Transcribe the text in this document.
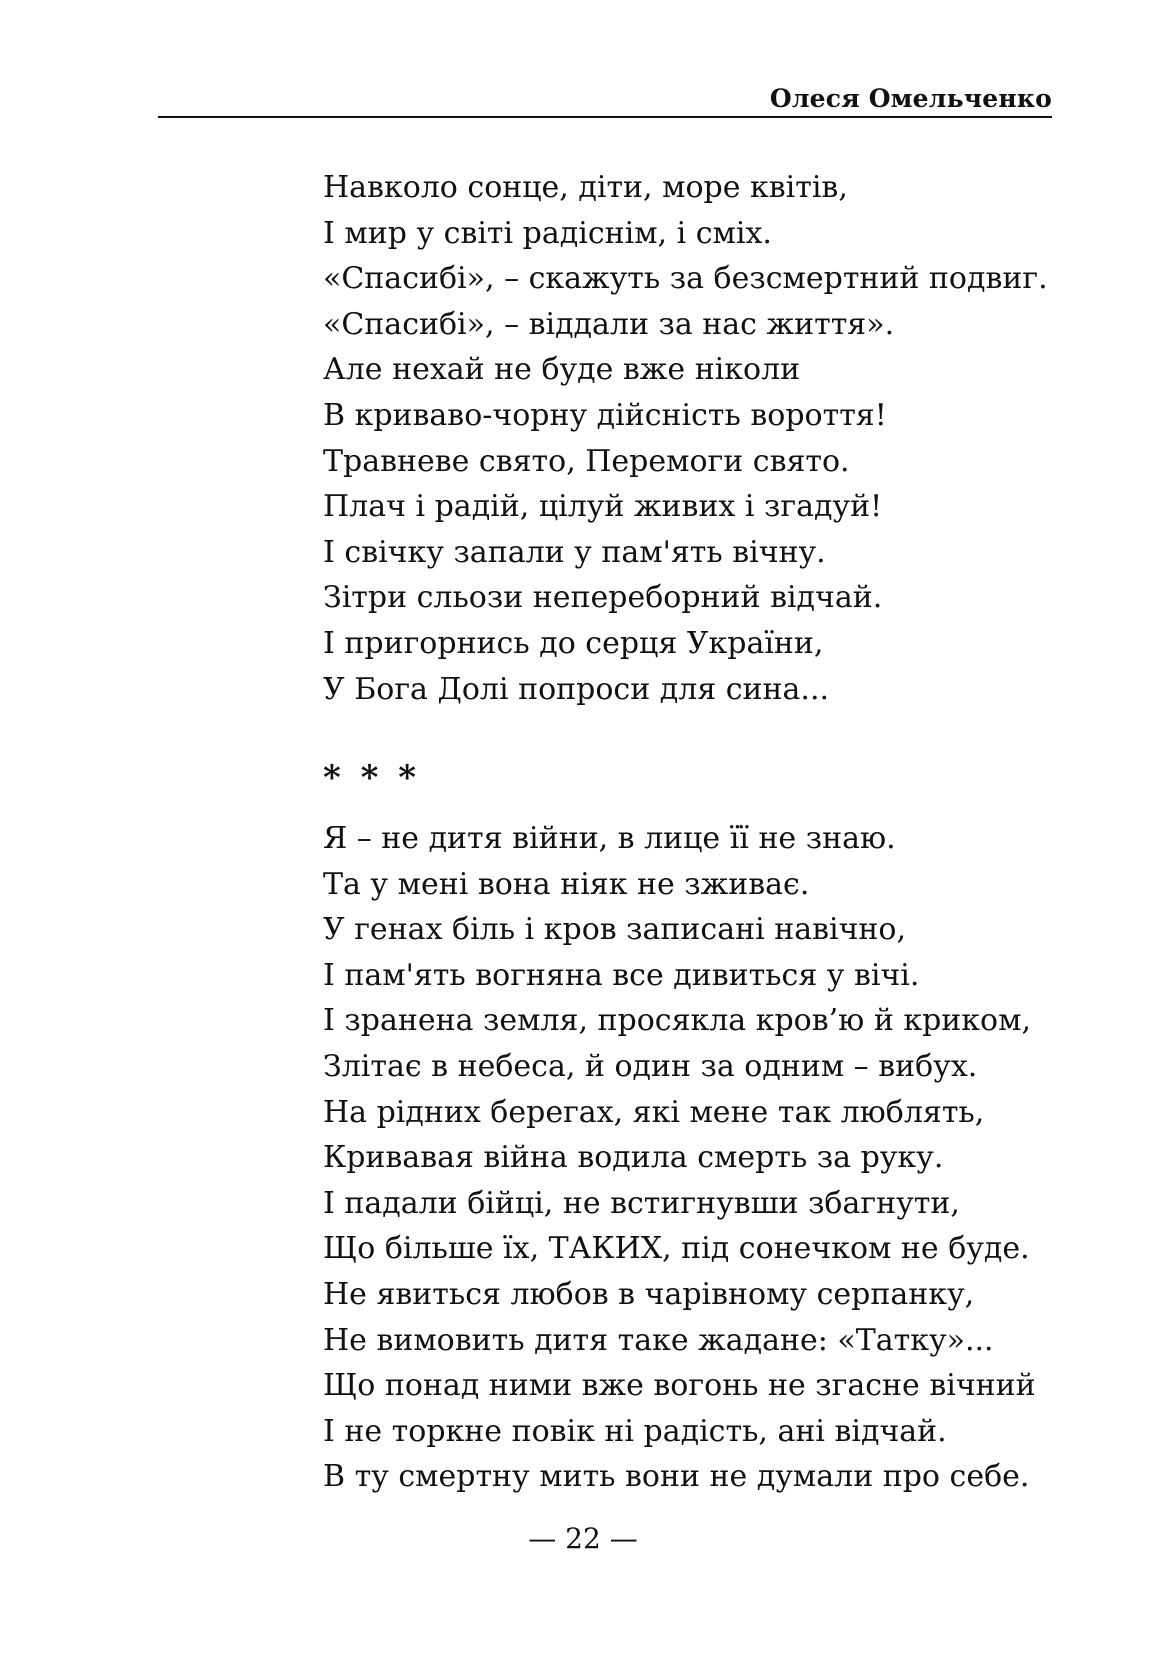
Олеся Омельченко
Навколо сонце, діти, море квітів,
І мир у світі радіснім, і сміх.
«Спасибі», – скажуть за безсмертний подвиг.
«Спасибі», – віддали за нас життя».
Але нехай не буде вже ніколи
В криваво-чорну дійсність вороття!
Травневе свято, Перемоги свято.
Плач і радій, цілуй живих і згадуй!
І свічку запали у пам'ять вічну.
Зітри сльози непереборний відчай.
І пригорнись до серця України,
У Бога Долі попроси для сина...
* * *
Я – не дитя війни, в лице її не знаю.
Та у мені вона ніяк не зживає.
У генах біль і кров записані навічно,
І пам'ять вогняна все дивиться у вічі.
І зранена земля, просякла кров’ю й криком,
Злітає в небеса, й один за одним – вибух.
На рідних берегах, які мене так люблять,
Кривавая війна водила смерть за руку.
І падали бійці, не встигнувши збагнути,
Що більше їх, ТАКИХ, під сонечком не буде.
Не явиться любов в чарівному серпанку,
Не вимовить дитя таке жадане: «Татку»...
Що понад ними вже вогонь не згасне вічний
І не торкне повік ні радість, ані відчай.
В ту смертну мить вони не думали про себе.
— 22 —
